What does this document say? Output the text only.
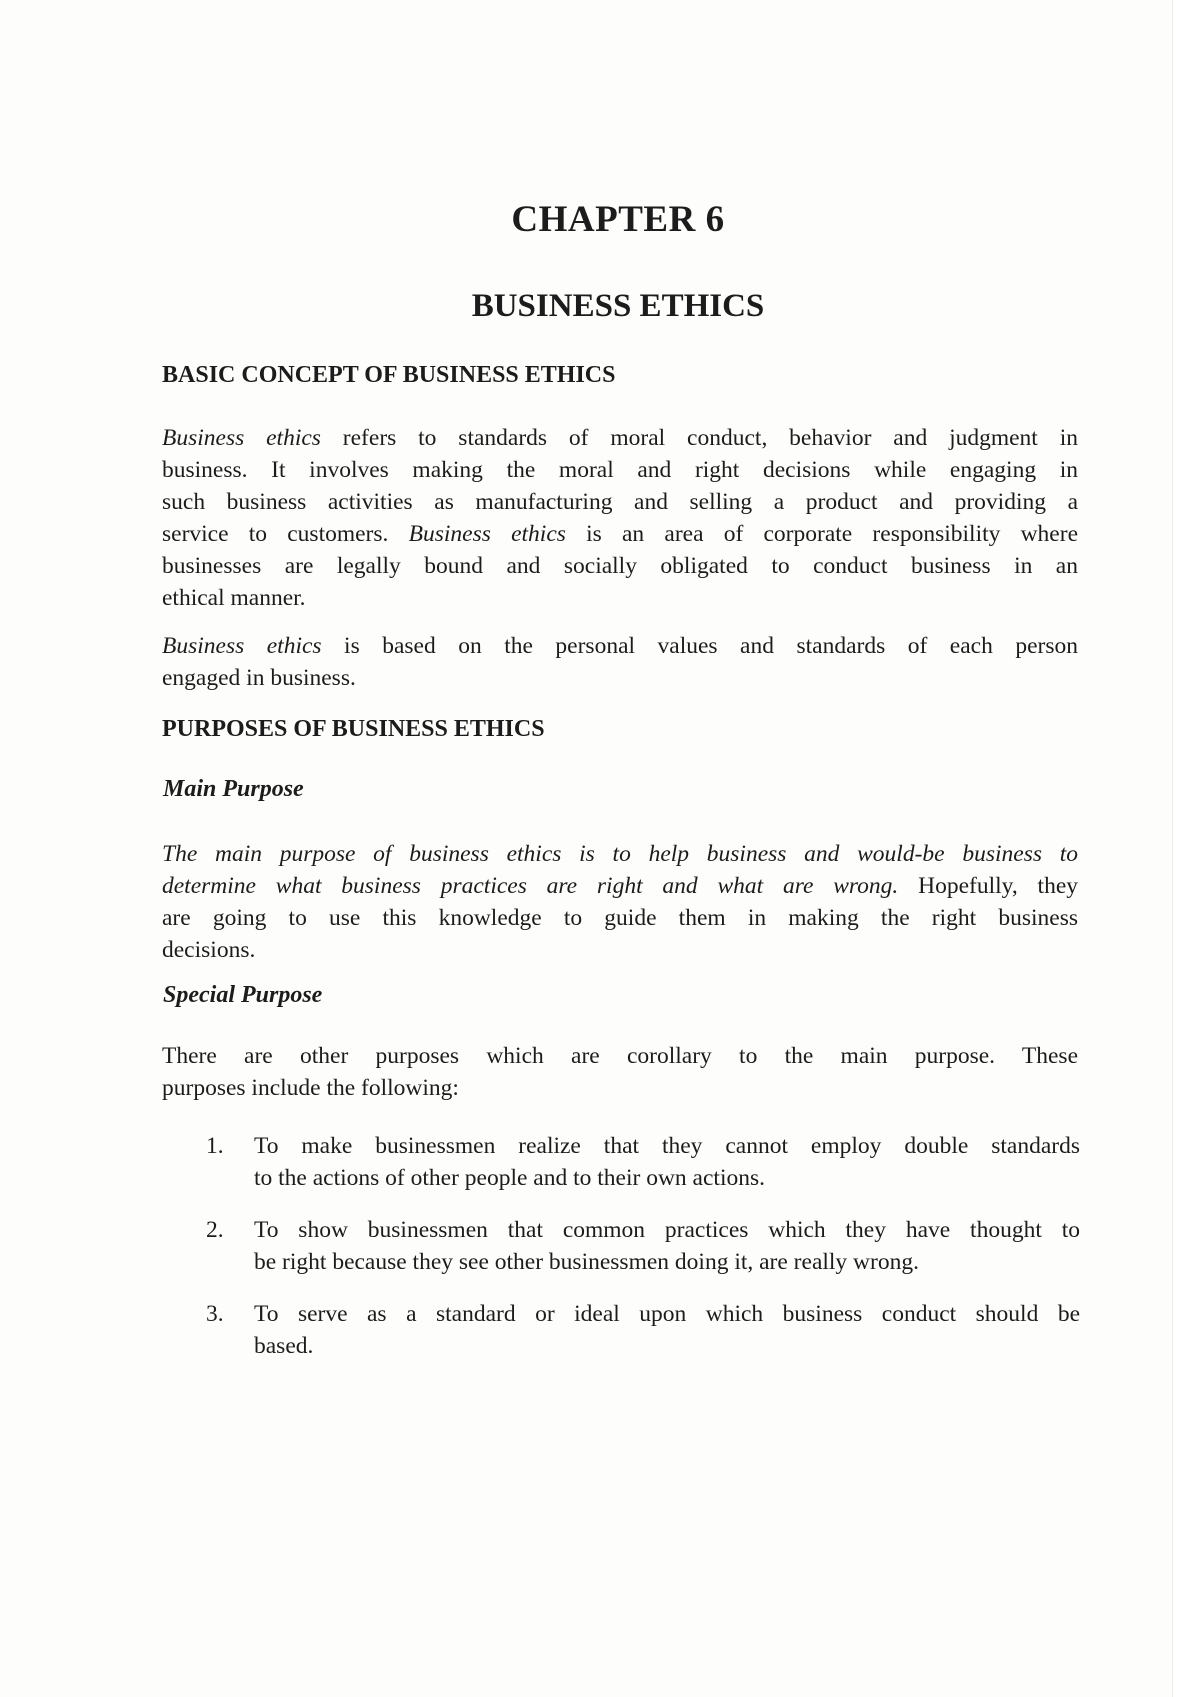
CHAPTER 6
BUSINESS ETHICS
BASIC CONCEPT OF BUSINESS ETHICS
Business ethics refers to standards of moral conduct, behavior and judgment in
business. It involves making the moral and right decisions while engaging in
such business activities as manufacturing and selling a product and providing a
service to customers. Business ethics is an area of corporate responsibility where
businesses are legally bound and socially obligated to conduct business in an
ethical manner.
Business ethics is based on the personal values and standards of each person
engaged in business.
PURPOSES OF BUSINESS ETHICS
Main Purpose
The main purpose of business ethics is to help business and would-be business to
determine what business practices are right and what are wrong. Hopefully, they
are going to use this knowledge to guide them in making the right business
decisions.
Special Purpose
There are other purposes which are corollary to the main purpose. These
purposes include the following:
1. To make businessmen realize that they cannot employ double standards
to the actions of other people and to their own actions.
2. To show businessmen that common practices which they have thought to
be right because they see other businessmen doing it, are really wrong.
3. To serve as a standard or ideal upon which business conduct should be
based.
